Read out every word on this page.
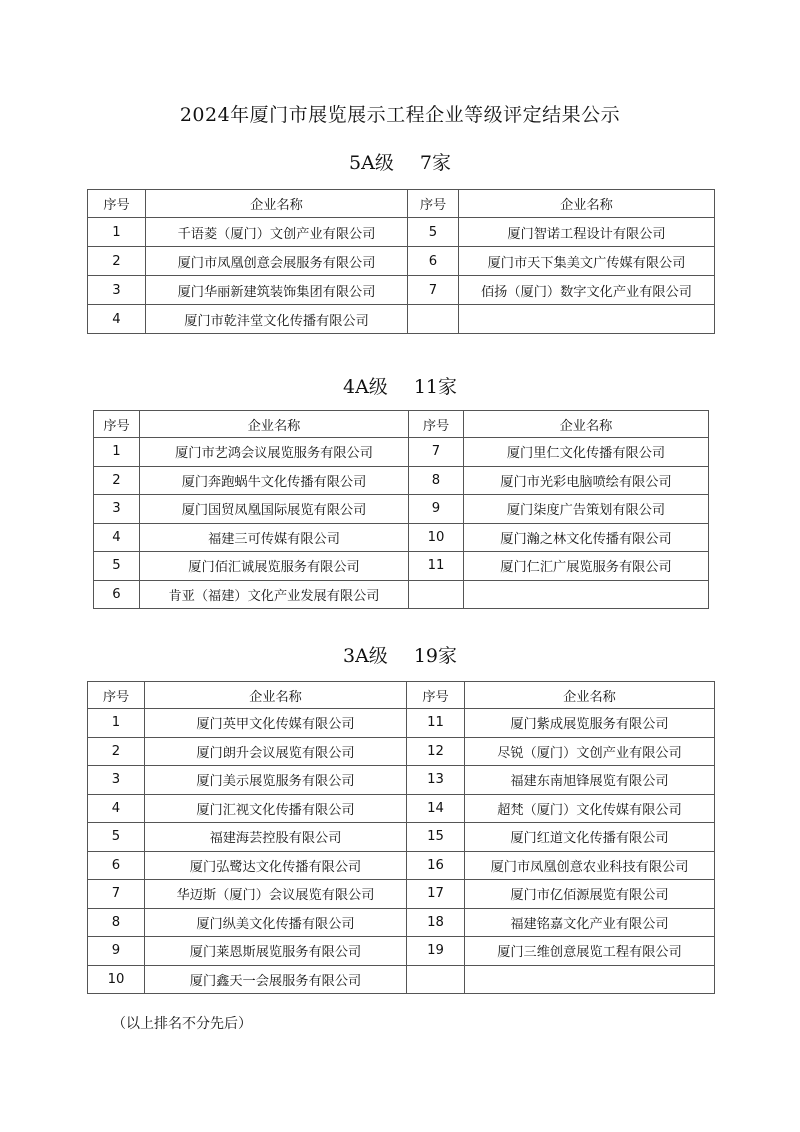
2024年厦门市展览展示工程企业等级评定结果公示
5A级 7家
序号	企业名称	序号	企业名称
1	千语菱（厦门）文创产业有限公司	5	厦门智诺工程设计有限公司
2	厦门市凤凰创意会展服务有限公司	6	厦门市天下集美文广传媒有限公司
3	厦门华丽新建筑装饰集团有限公司	7	佰扬（厦门）数字文化产业有限公司
4	厦门市乾沣堂文化传播有限公司		
4A级 11家
序号	企业名称	序号	企业名称
1	厦门市艺鸿会议展览服务有限公司	7	厦门里仁文化传播有限公司
2	厦门奔跑蜗牛文化传播有限公司	8	厦门市光彩电脑喷绘有限公司
3	厦门国贸凤凰国际展览有限公司	9	厦门柒度广告策划有限公司
4	福建三可传媒有限公司	10	厦门瀚之林文化传播有限公司
5	厦门佰汇诚展览服务有限公司	11	厦门仁汇广展览服务有限公司
6	肯亚（福建）文化产业发展有限公司		
3A级 19家
序号	企业名称	序号	企业名称
1	厦门英甲文化传媒有限公司	11	厦门紫成展览服务有限公司
2	厦门朗升会议展览有限公司	12	尽锐（厦门）文创产业有限公司
3	厦门美示展览服务有限公司	13	福建东南旭锋展览有限公司
4	厦门汇视文化传播有限公司	14	超梵（厦门）文化传媒有限公司
5	福建海芸控股有限公司	15	厦门红道文化传播有限公司
6	厦门弘鹭达文化传播有限公司	16	厦门市凤凰创意农业科技有限公司
7	华迈斯（厦门）会议展览有限公司	17	厦门市亿佰源展览有限公司
8	厦门纵美文化传播有限公司	18	福建铭嘉文化产业有限公司
9	厦门莱恩斯展览服务有限公司	19	厦门三维创意展览工程有限公司
10	厦门鑫天一会展服务有限公司		
（以上排名不分先后）
